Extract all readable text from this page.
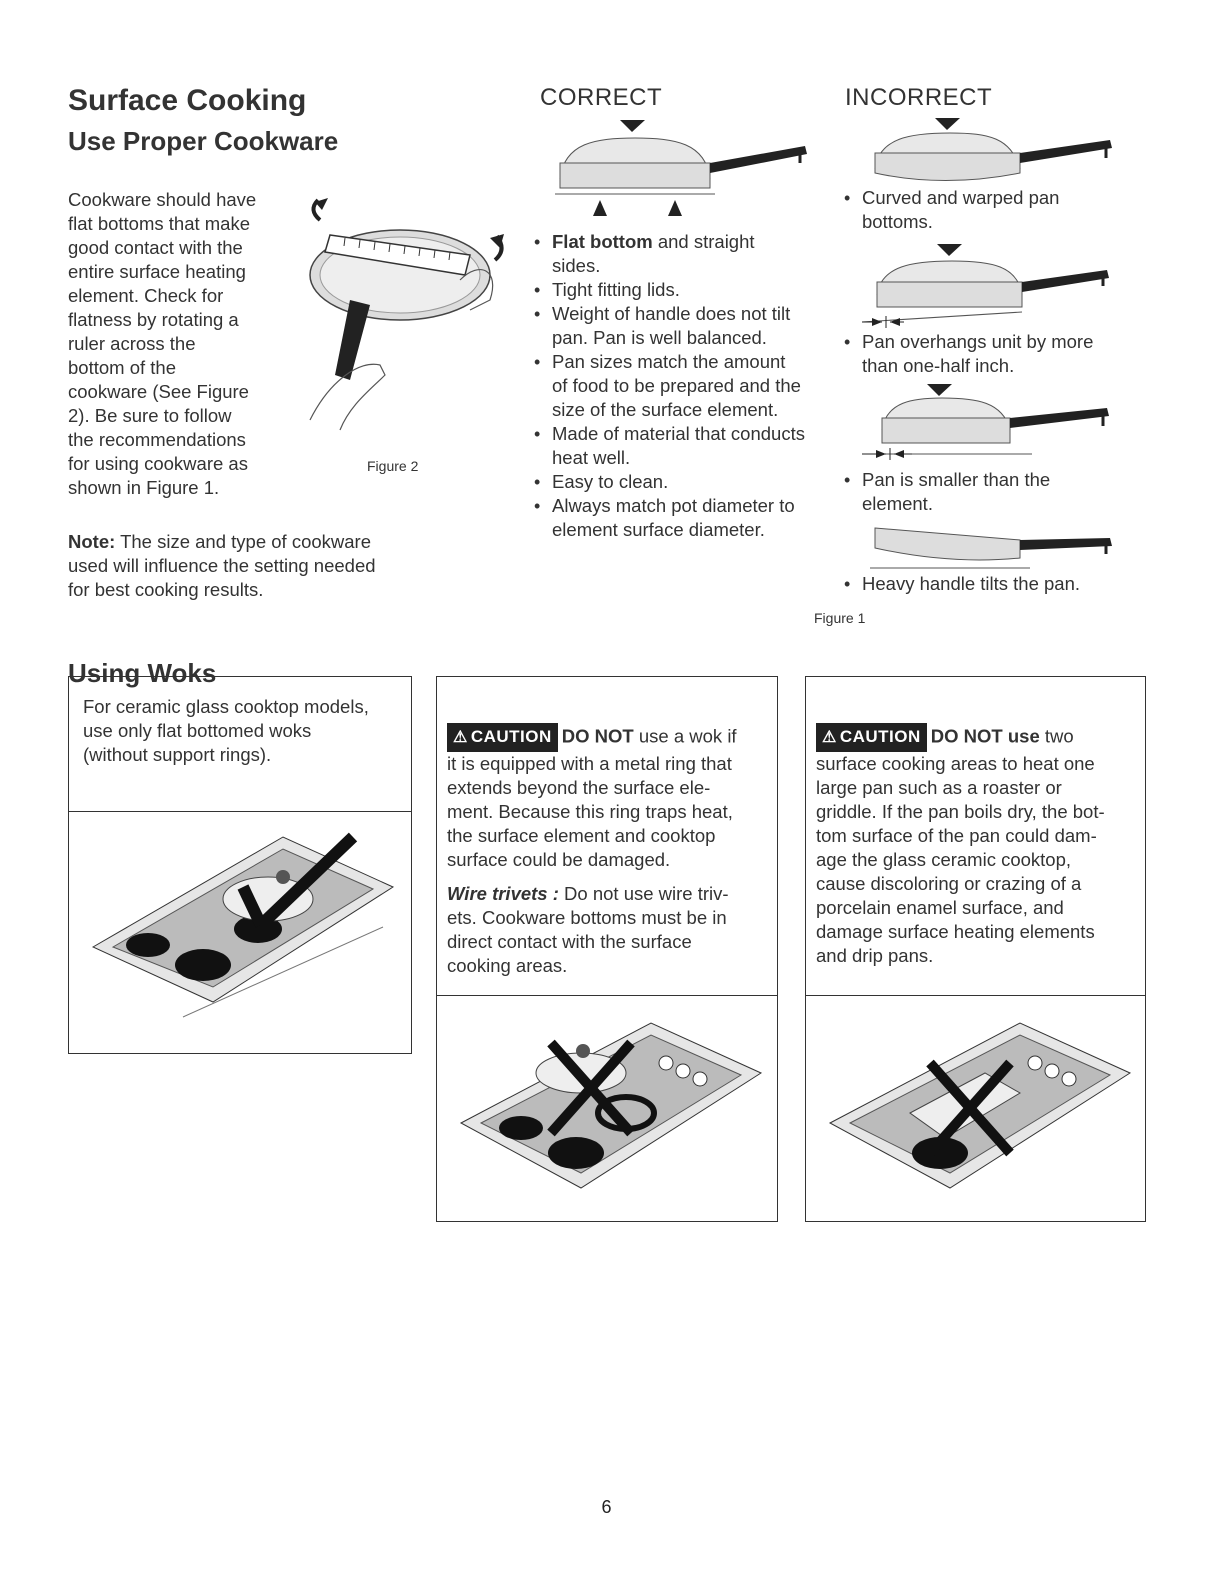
Surface Cooking
Use Proper Cookware
Cookware should have
flat bottoms that make
good contact with the
entire surface heating
element. Check for
flatness by rotating a
ruler across the
bottom of the
cookware (See Figure
2). Be sure to follow
the recommendations
for using cookware as
shown in Figure 1.
Figure 2
Note: The size and type of cookware
used will influence the setting needed
for best cooking results.
CORRECT
• Flat bottom and straight
sides.
• Tight fitting lids.
• Weight of handle does not tilt
pan. Pan is well balanced.
• Pan sizes match the amount
of food to be prepared and the
size of the surface element.
• Made of material that conducts
heat well.
• Easy to clean.
• Always match pot diameter to
element surface diameter.
INCORRECT
• Curved and warped pan
bottoms.
• Pan overhangs unit by more
than one-half inch.
• Pan is smaller than the
element.
• Heavy handle tilts the pan.
Figure 1
Using Woks
For ceramic glass cooktop models,
use only flat bottomed woks
(without support rings).
⚠ CAUTION DO NOT use a wok if
it is equipped with a metal ring that
extends beyond the surface ele-
ment. Because this ring traps heat,
the surface element and cooktop
surface could be damaged.
Wire trivets : Do not use wire triv-
ets. Cookware bottoms must be in
direct contact with the surface
cooking areas.
⚠ CAUTION DO NOT use two
surface cooking areas to heat one
large pan such as a roaster or
griddle. If the pan boils dry, the bot-
tom surface of the pan could dam-
age the glass ceramic cooktop,
cause discoloring or crazing of a
porcelain enamel surface, and
damage surface heating elements
and drip pans.
6
